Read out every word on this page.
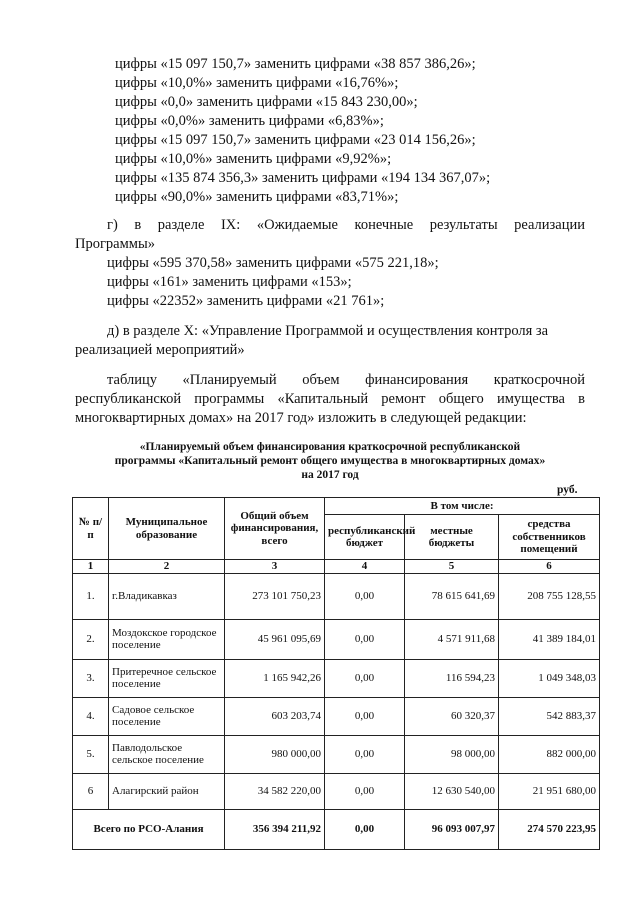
цифры «15 097 150,7» заменить цифрами «38 857 386,26»;
цифры «10,0%» заменить цифрами «16,76%»;
цифры «0,0» заменить цифрами «15 843 230,00»;
цифры «0,0%» заменить цифрами «6,83%»;
цифры «15 097 150,7» заменить цифрами «23 014 156,26»;
цифры «10,0%» заменить цифрами «9,92%»;
цифры «135 874 356,3» заменить цифрами «194 134 367,07»;
цифры «90,0%» заменить цифрами «83,71%»;
г) в разделе IX: «Ожидаемые конечные результаты реализации
Программы»
цифры «595 370,58» заменить цифрами «575 221,18»;
цифры «161» заменить цифрами «153»;
цифры «22352» заменить цифрами «21 761»;
д) в разделе X: «Управление Программой и осуществления контроля за
реализацией мероприятий»
таблицу «Планируемый объем финансирования краткосрочной
республиканской программы «Капитальный ремонт общего имущества в
многоквартирных домах» на 2017 год» изложить в следующей редакции:
«Планируемый объем финансирования краткосрочной республиканской
программы «Капитальный ремонт общего имущества в многоквартирных домах»
на 2017 год
руб.
№ п/п	Муниципальное образование	Общий объем финансирования, всего	В том числе:		
			республиканский бюджет	местные бюджеты	средства собственников помещений
1	2	3	4	5	6
1.	г.Владикавказ	273 101 750,23	0,00	78 615 641,69	208 755 128,55
2.	Моздокское городское поселение	45 961 095,69	0,00	4 571 911,68	41 389 184,01
3.	Притеречное сельское поселение	1 165 942,26	0,00	116 594,23	1 049 348,03
4.	Садовое сельское поселение	603 203,74	0,00	60 320,37	542 883,37
5.	Павлодольское сельское поселение	980 000,00	0,00	98 000,00	882 000,00
6	Алагирский район	34 582 220,00	0,00	12 630 540,00	21 951 680,00
Всего по РСО-Алания		356 394 211,92	0,00	96 093 007,97	274 570 223,95
